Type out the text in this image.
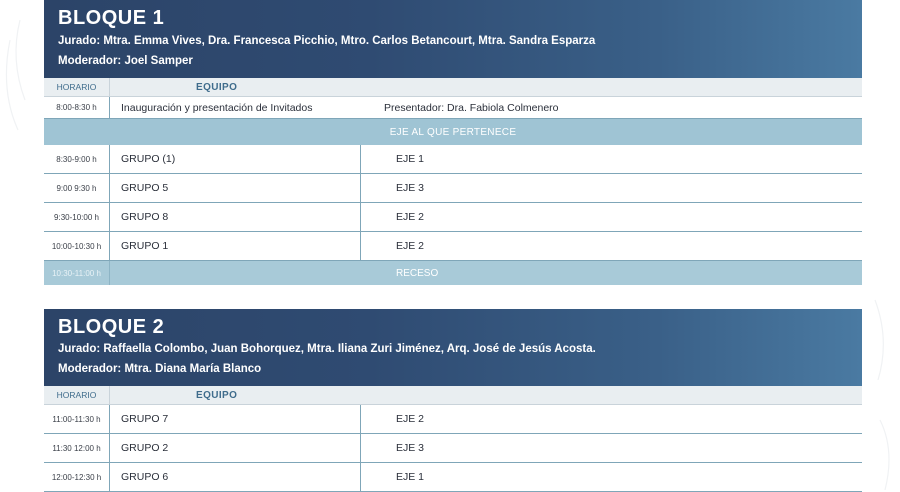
BLOQUE 1
Jurado: Mtra. Emma Vives, Dra. Francesca Picchio, Mtro. Carlos Betancourt, Mtra. Sandra Esparza
Moderador: Joel Samper
HORARIO	EQUIPO
8:00-8:30 h	Inauguración y presentación de Invitados	Presentador: Dra. Fabiola Colmenero
EJE AL QUE PERTENECE
8:30-9:00 h	GRUPO (1)	EJE 1
9:00 9:30 h	GRUPO 5	EJE 3
9:30-10:00 h	GRUPO 8	EJE 2
10:00-10:30 h	GRUPO 1	EJE 2
10:30-11:00 h	RECESO
BLOQUE 2
Jurado: Raffaella Colombo, Juan Bohorquez, Mtra. Iliana Zuri Jiménez, Arq. José de Jesús Acosta.
Moderador: Mtra. Diana María Blanco
HORARIO	EQUIPO
11:00-11:30 h	GRUPO 7	EJE 2
11:30 12:00 h	GRUPO 2	EJE 3
12:00-12:30 h	GRUPO 6	EJE 1
